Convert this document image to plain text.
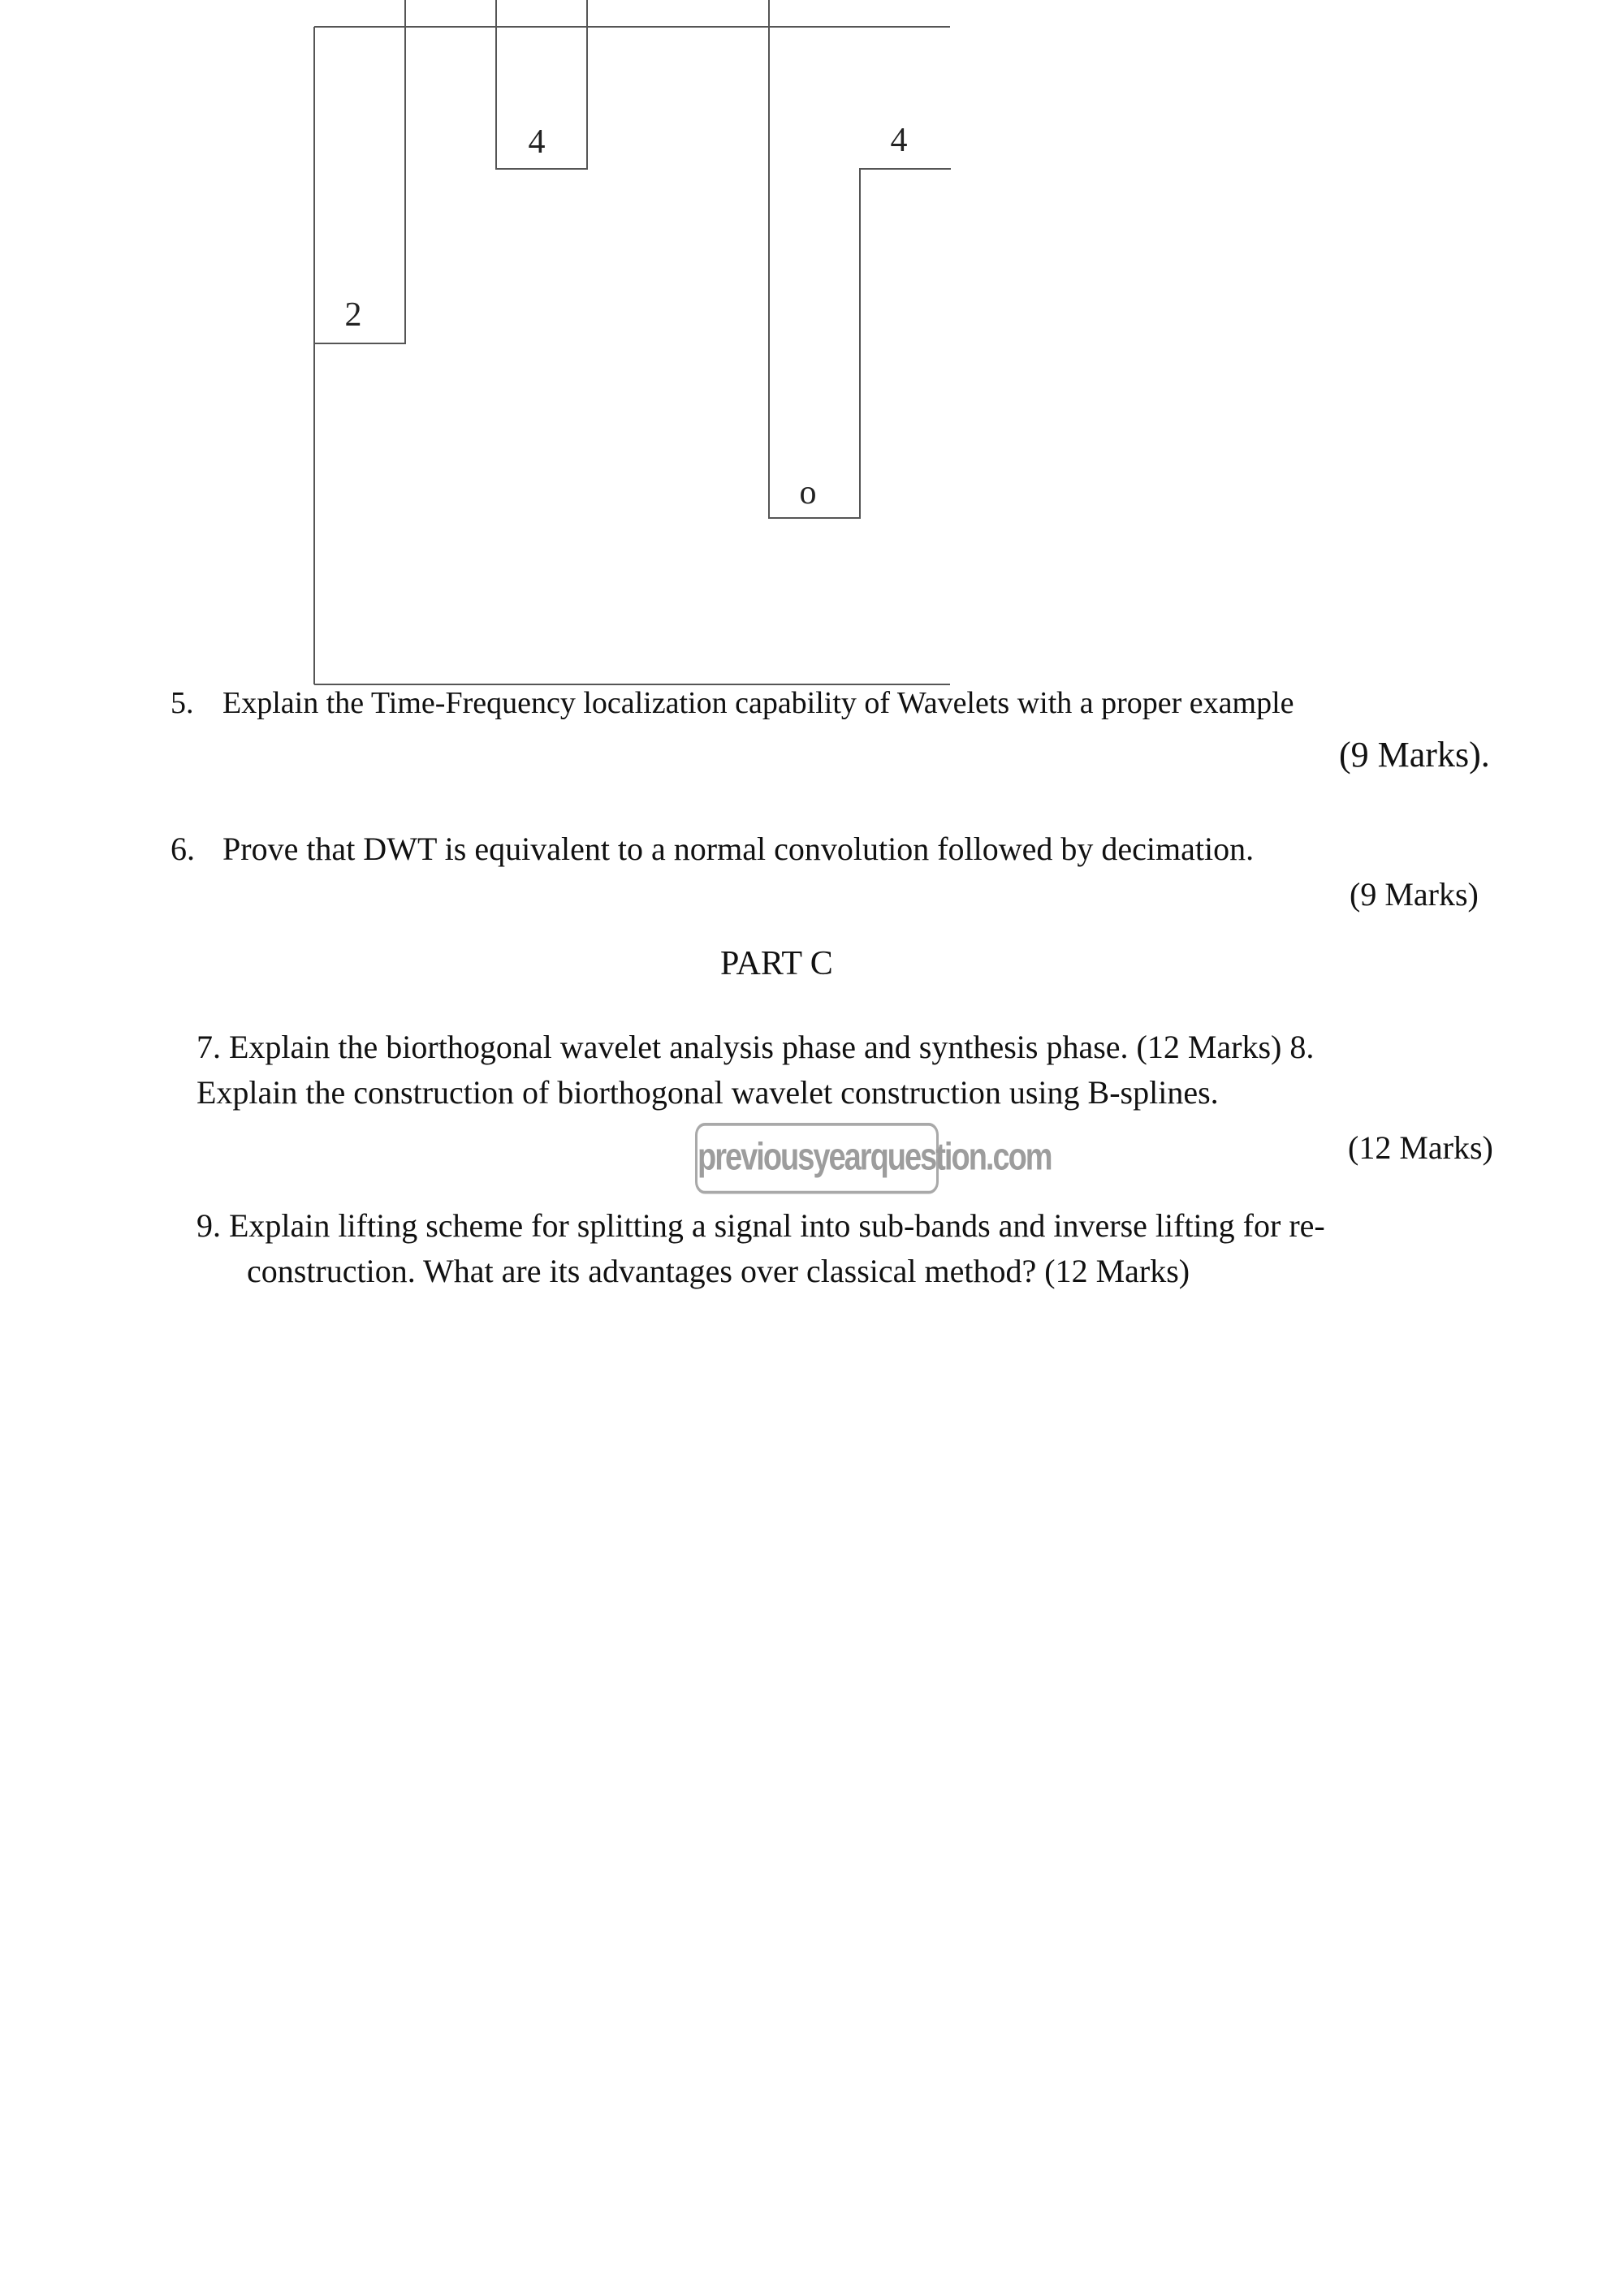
2
4
o
4
5. Explain the Time-Frequency localization capability of Wavelets with a proper example
(9 Marks).
6. Prove that DWT is equivalent to a normal convolution followed by decimation.
(9 Marks)
PART C
7. Explain the biorthogonal wavelet analysis phase and synthesis phase. (12 Marks) 8.
Explain the construction of biorthogonal wavelet construction using B-splines.
previousyearquestion.com	(12 Marks)
9. Explain lifting scheme for splitting a signal into sub-bands and inverse lifting for re-
construction. What are its advantages over classical method? (12 Marks)
